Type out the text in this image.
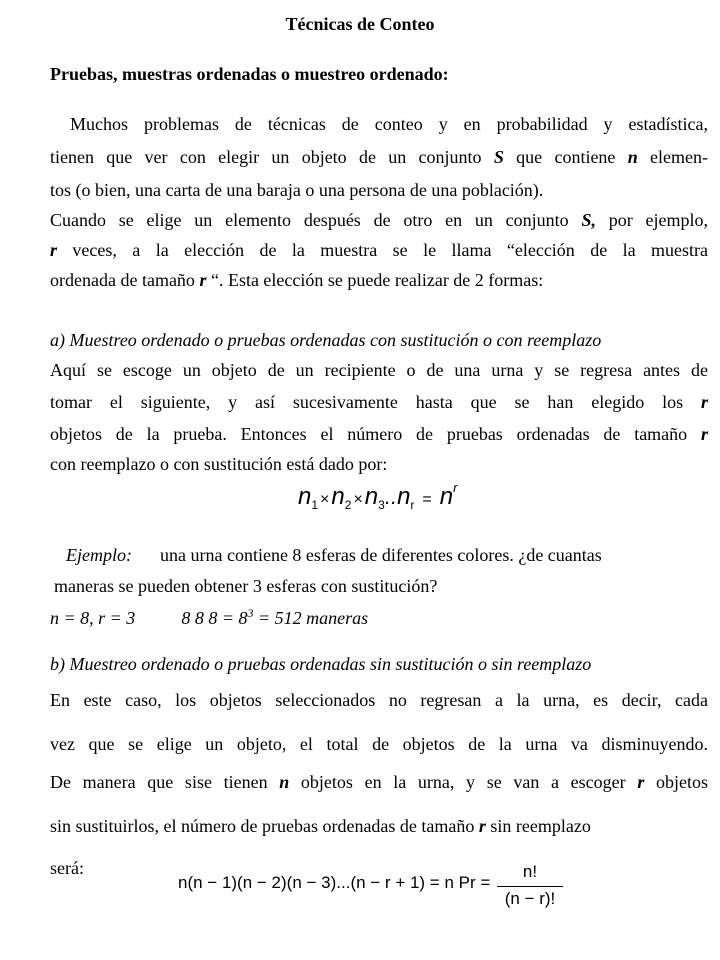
Técnicas de Conteo
Pruebas, muestras ordenadas o muestreo ordenado:
Muchos problemas de técnicas de conteo y en probabilidad y estadística,
tienen que ver con elegir un objeto de un conjunto S que contiene n elemen-
tos (o bien, una carta de una baraja o una persona de una población).
Cuando se elige un elemento después de otro en un conjunto S, por ejemplo,
r veces, a la elección de la muestra se le llama “elección de la muestra
ordenada de tamaño r “. Esta elección se puede realizar de 2 formas:
a) Muestreo ordenado o pruebas ordenadas con sustitución o con reemplazo
Aquí se escoge un objeto de un recipiente o de una urna y se regresa antes de
tomar el siguiente, y así sucesivamente hasta que se han elegido los r
objetos de la prueba. Entonces el número de pruebas ordenadas de tamaño r
con reemplazo o con sustitución está dado por:
$n_1 \times n_2 \times n_3..n_r = n^r$
Ejemplo: una urna contiene 8 esferas de diferentes colores. ¿de cuantas
maneras se pueden obtener 3 esferas con sustitución?
n = 8, r = 3	8 8 $8 = 8^3 = 512$ maneras
b) Muestreo ordenado o pruebas ordenadas sin sustitución o sin reemplazo
En este caso, los objetos seleccionados no regresan a la urna, es decir, cada
vez que se elige un objeto, el total de objetos de la urna va disminuyendo.
De manera que sise tienen n objetos en la urna, y se van a escoger r objetos
sin sustituirlos, el número de pruebas ordenadas de tamaño r sin reemplazo
será:
n(n − 1)(n − 2)(n − 3)...(n − r + 1) = n Pr =
n!
(n − r)!
